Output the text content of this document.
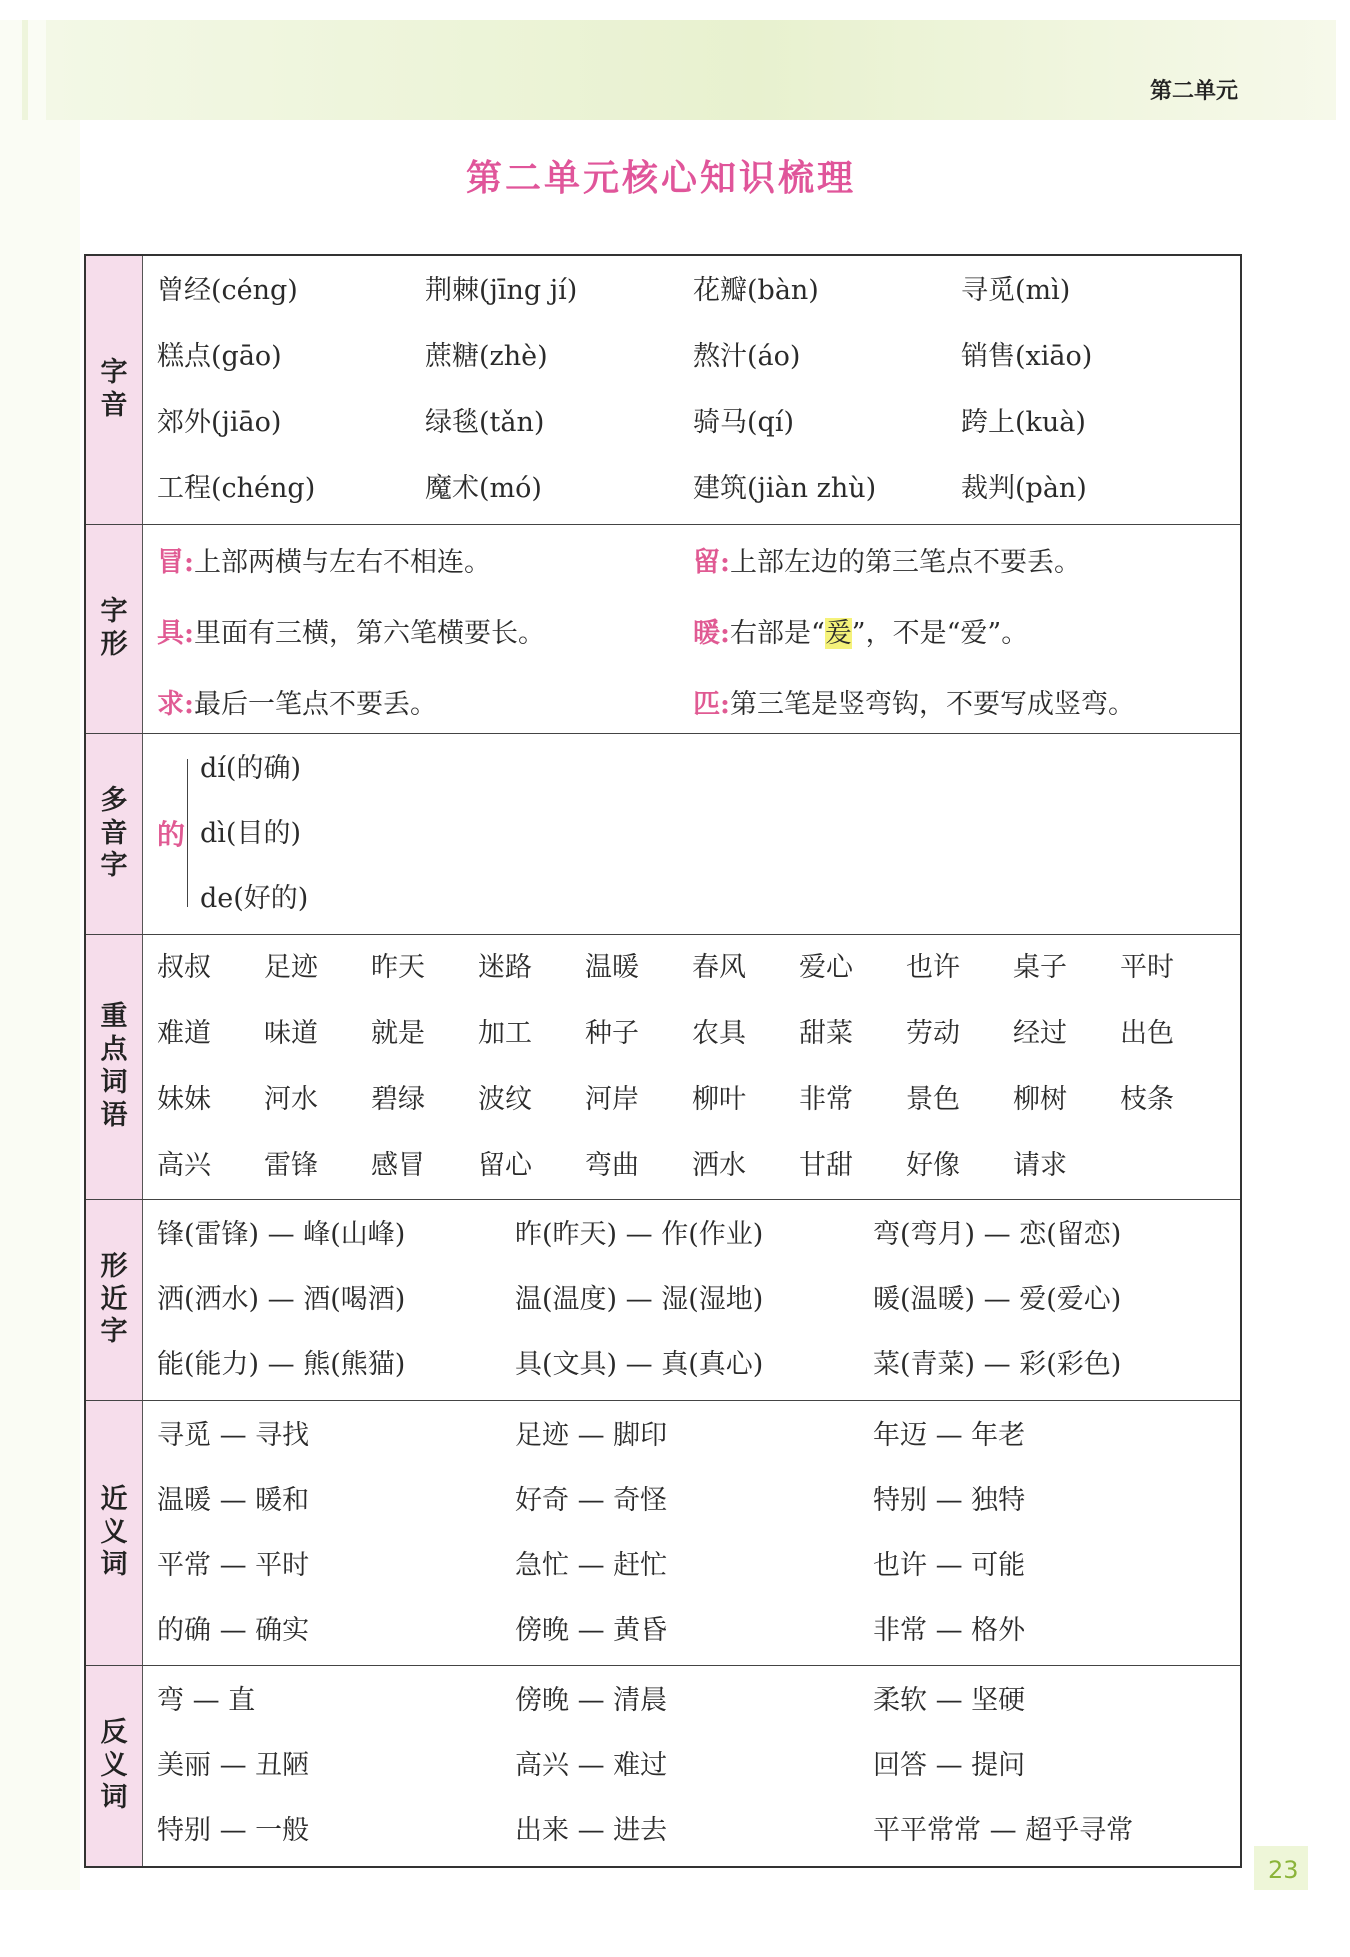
第二单元
第二单元核心知识梳理
字
音
曾经(céng)	荆棘(jīng jí)	花瓣(bàn)	寻觅(mì)
糕点(gāo)	蔗糖(zhè)	熬汁(áo)	销售(xiāo)
郊外(jiāo)	绿毯(tǎn)	骑马(qí)	跨上(kuà)
工程(chéng)	魔术(mó)	建筑(jiàn zhù)	裁判(pàn)
字
形
冒:上部两横与左右不相连。	留:上部左边的第三笔点不要丢。
具:里面有三横，第六笔横要长。	暖:右部是“爰”，不是“爱”。
求:最后一笔点不要丢。	匹:第三笔是竖弯钩，不要写成竖弯。
多
音
字
的
dí(的确)
dì(目的)
de(好的)
重
点
词
语
叔叔	足迹	昨天	迷路	温暖	春风	爱心	也许	桌子	平时
难道	味道	就是	加工	种子	农具	甜菜	劳动	经过	出色
妹妹	河水	碧绿	波纹	河岸	柳叶	非常	景色	柳树	枝条
高兴	雷锋	感冒	留心	弯曲	洒水	甘甜	好像	请求
形
近
字
锋(雷锋) — 峰(山峰)	昨(昨天) — 作(作业)	弯(弯月) — 恋(留恋)
洒(洒水) — 酒(喝酒)	温(温度) — 湿(湿地)	暖(温暖) — 爱(爱心)
能(能力) — 熊(熊猫)	具(文具) — 真(真心)	菜(青菜) — 彩(彩色)
近
义
词
寻觅 — 寻找	足迹 — 脚印	年迈 — 年老
温暖 — 暖和	好奇 — 奇怪	特别 — 独特
平常 — 平时	急忙 — 赶忙	也许 — 可能
的确 — 确实	傍晚 — 黄昏	非常 — 格外
反
义
词
弯 — 直	傍晚 — 清晨	柔软 — 坚硬
美丽 — 丑陋	高兴 — 难过	回答 — 提问
特别 — 一般	出来 — 进去	平平常常 — 超乎寻常
23
